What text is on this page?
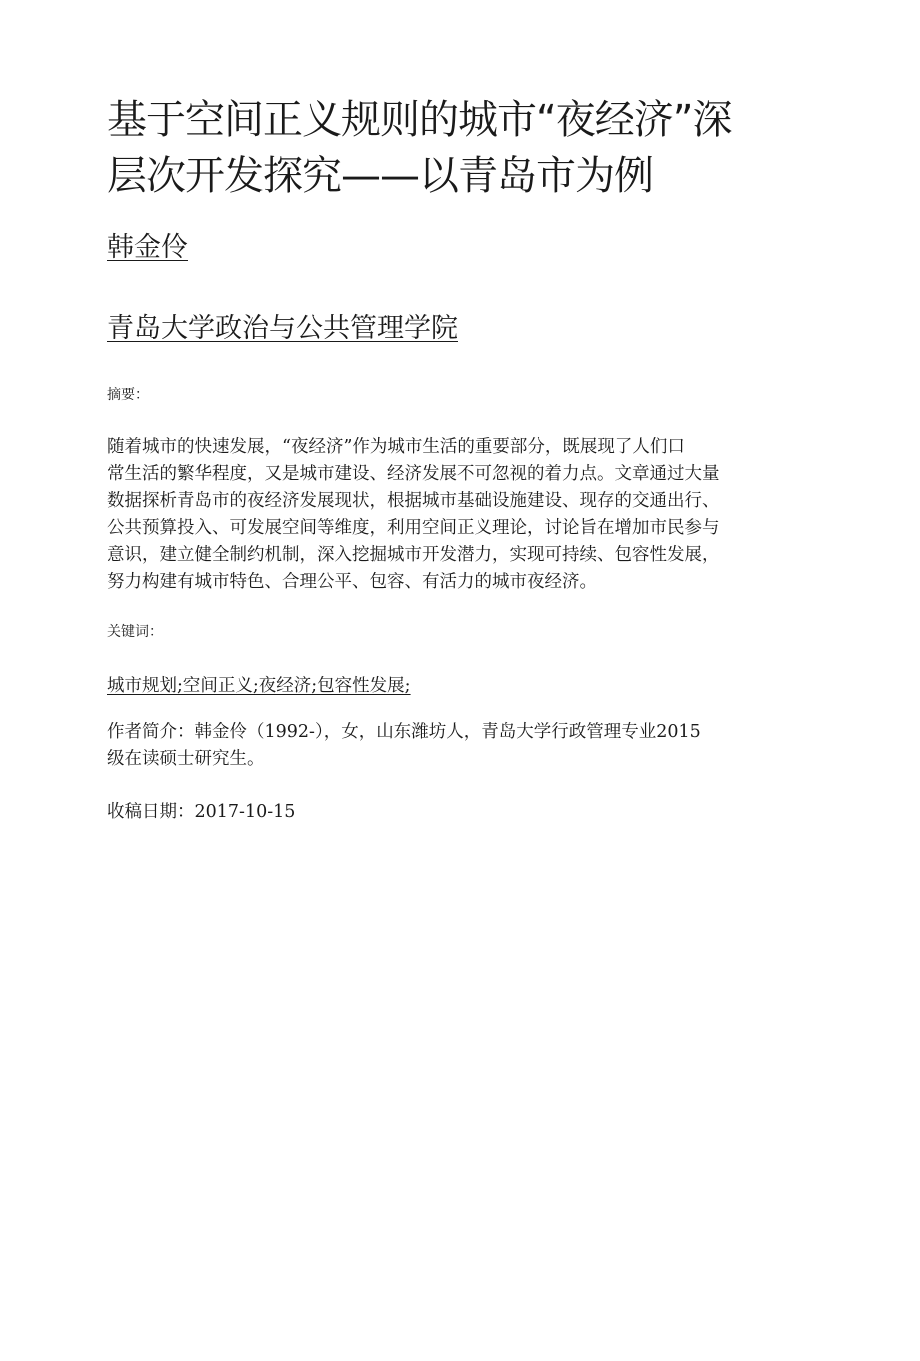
基于空间正义规则的城市“夜经济”深
层次开发探究——以青岛市为例
韩金伶
青岛大学政治与公共管理学院
摘要：

随着城市的快速发展，“夜经济”作为城市生活的重要部分，既展现了人们口
常生活的繁华程度，又是城市建设、经济发展不可忽视的着力点。文章通过大量
数据探析青岛市的夜经济发展现状，根据城市基础设施建设、现存的交通出行、
公共预算投入、可发展空间等维度，利用空间正义理论，讨论旨在增加市民参与
意识，建立健全制约机制，深入挖掘城市开发潜力，实现可持续、包容性发展，
努力构建有城市特色、合理公平、包容、有活力的城市夜经济。

关键词：
城市规划;空间正义;夜经济;包容性发展;

作者简介：韩金伶（1992-），女，山东潍坊人，青岛大学行政管理专业2015
级在读硕士研究生。

收稿日期：2017-10-15
